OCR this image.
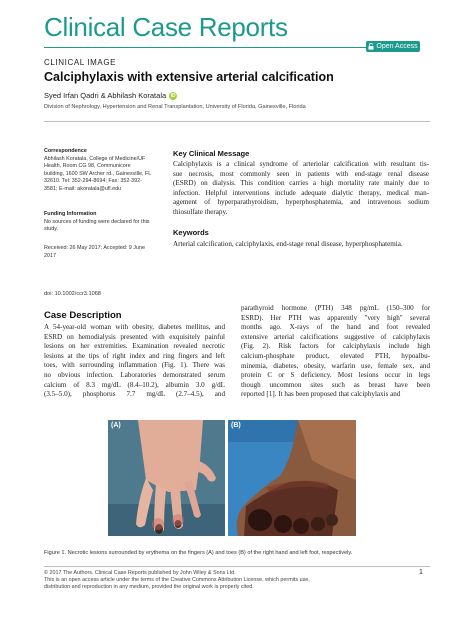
Clinical Case Reports
Open Access
CLINICAL IMAGE
Calciphylaxis with extensive arterial calcification
Syed Irfan Qadri & Abhilash Koratala iD
Division of Nephrology, Hypertension and Renal Transplantation, University of Florida, Gainesville, Florida
Correspondence
Abhilash Koratala, College of Medicine/UF
Health, Room CG 98, Communicore
building, 1600 SW Archer rd., Gainesville, FL
32610. Tel: 352-294-8694; Fax: 352-392-
3581; E-mail: akoratala@ufl.edu
Funding Information
No sources of funding were declared for this
study.
Received: 26 May 2017; Accepted: 9 June
2017
doi: 10.1002/ccr3.1068
Key Clinical Message
Calciphylaxis is a clinical syndrome of arteriolar calcification with resultant tis-
sue necrosis, most commonly seen in patients with end-stage renal disease
(ESRD) on dialysis. This condition carries a high mortality rate mainly due to
infection. Helpful interventions include adequate dialytic therapy, medical man-
agement of hyperparathyroidism, hyperphosphatemia, and intravenous sodium
thiosulfate therapy.
Keywords
Arterial calcification, calciphylaxis, end-stage renal disease, hyperphosphatemia.
Case Description
A 54-year-old woman with obesity, diabetes mellitus, and
ESRD on hemodialysis presented with exquisitely painful
lesions on her extremities. Examination revealed necrotic
lesions at the tips of right index and ring fingers and left
toes, with surrounding inflammation (Fig. 1). There was
no obvious infection. Laboratories demonstrated serum
calcium of 8.3 mg/dL (8.4–10.2), albumin 3.0 g/dL
(3.5–5.0), phosphorus 7.7 mg/dL (2.7–4.5), and
parathyroid hormone (PTH) 348 pg/mL (150–300 for
ESRD). Her PTH was apparently "very high" several
months ago. X-rays of the hand and foot revealed
extensive arterial calcifications suggestive of calciphylaxis
(Fig. 2). Risk factors for calciphylaxis include high
calcium-phosphate product, elevated PTH, hypoalbu-
minemia, diabetes, obesity, warfarin use, female sex, and
protein C or S deficiency. Most lesions occur in legs
though uncommon sites such as breast have been
reported [1]. It has been proposed that calciphylaxis and
(A)	(B)
Figure 1. Necrotic lesions surrounded by erythema on the fingers (A) and toes (B) of the right hand and left foot, respectively.
© 2017 The Authors. Clinical Case Reports published by John Wiley & Sons Ltd.
This is an open access article under the terms of the Creative Commons Attribution License, which permits use,
distribution and reproduction in any medium, provided the original work is properly cited.
1
